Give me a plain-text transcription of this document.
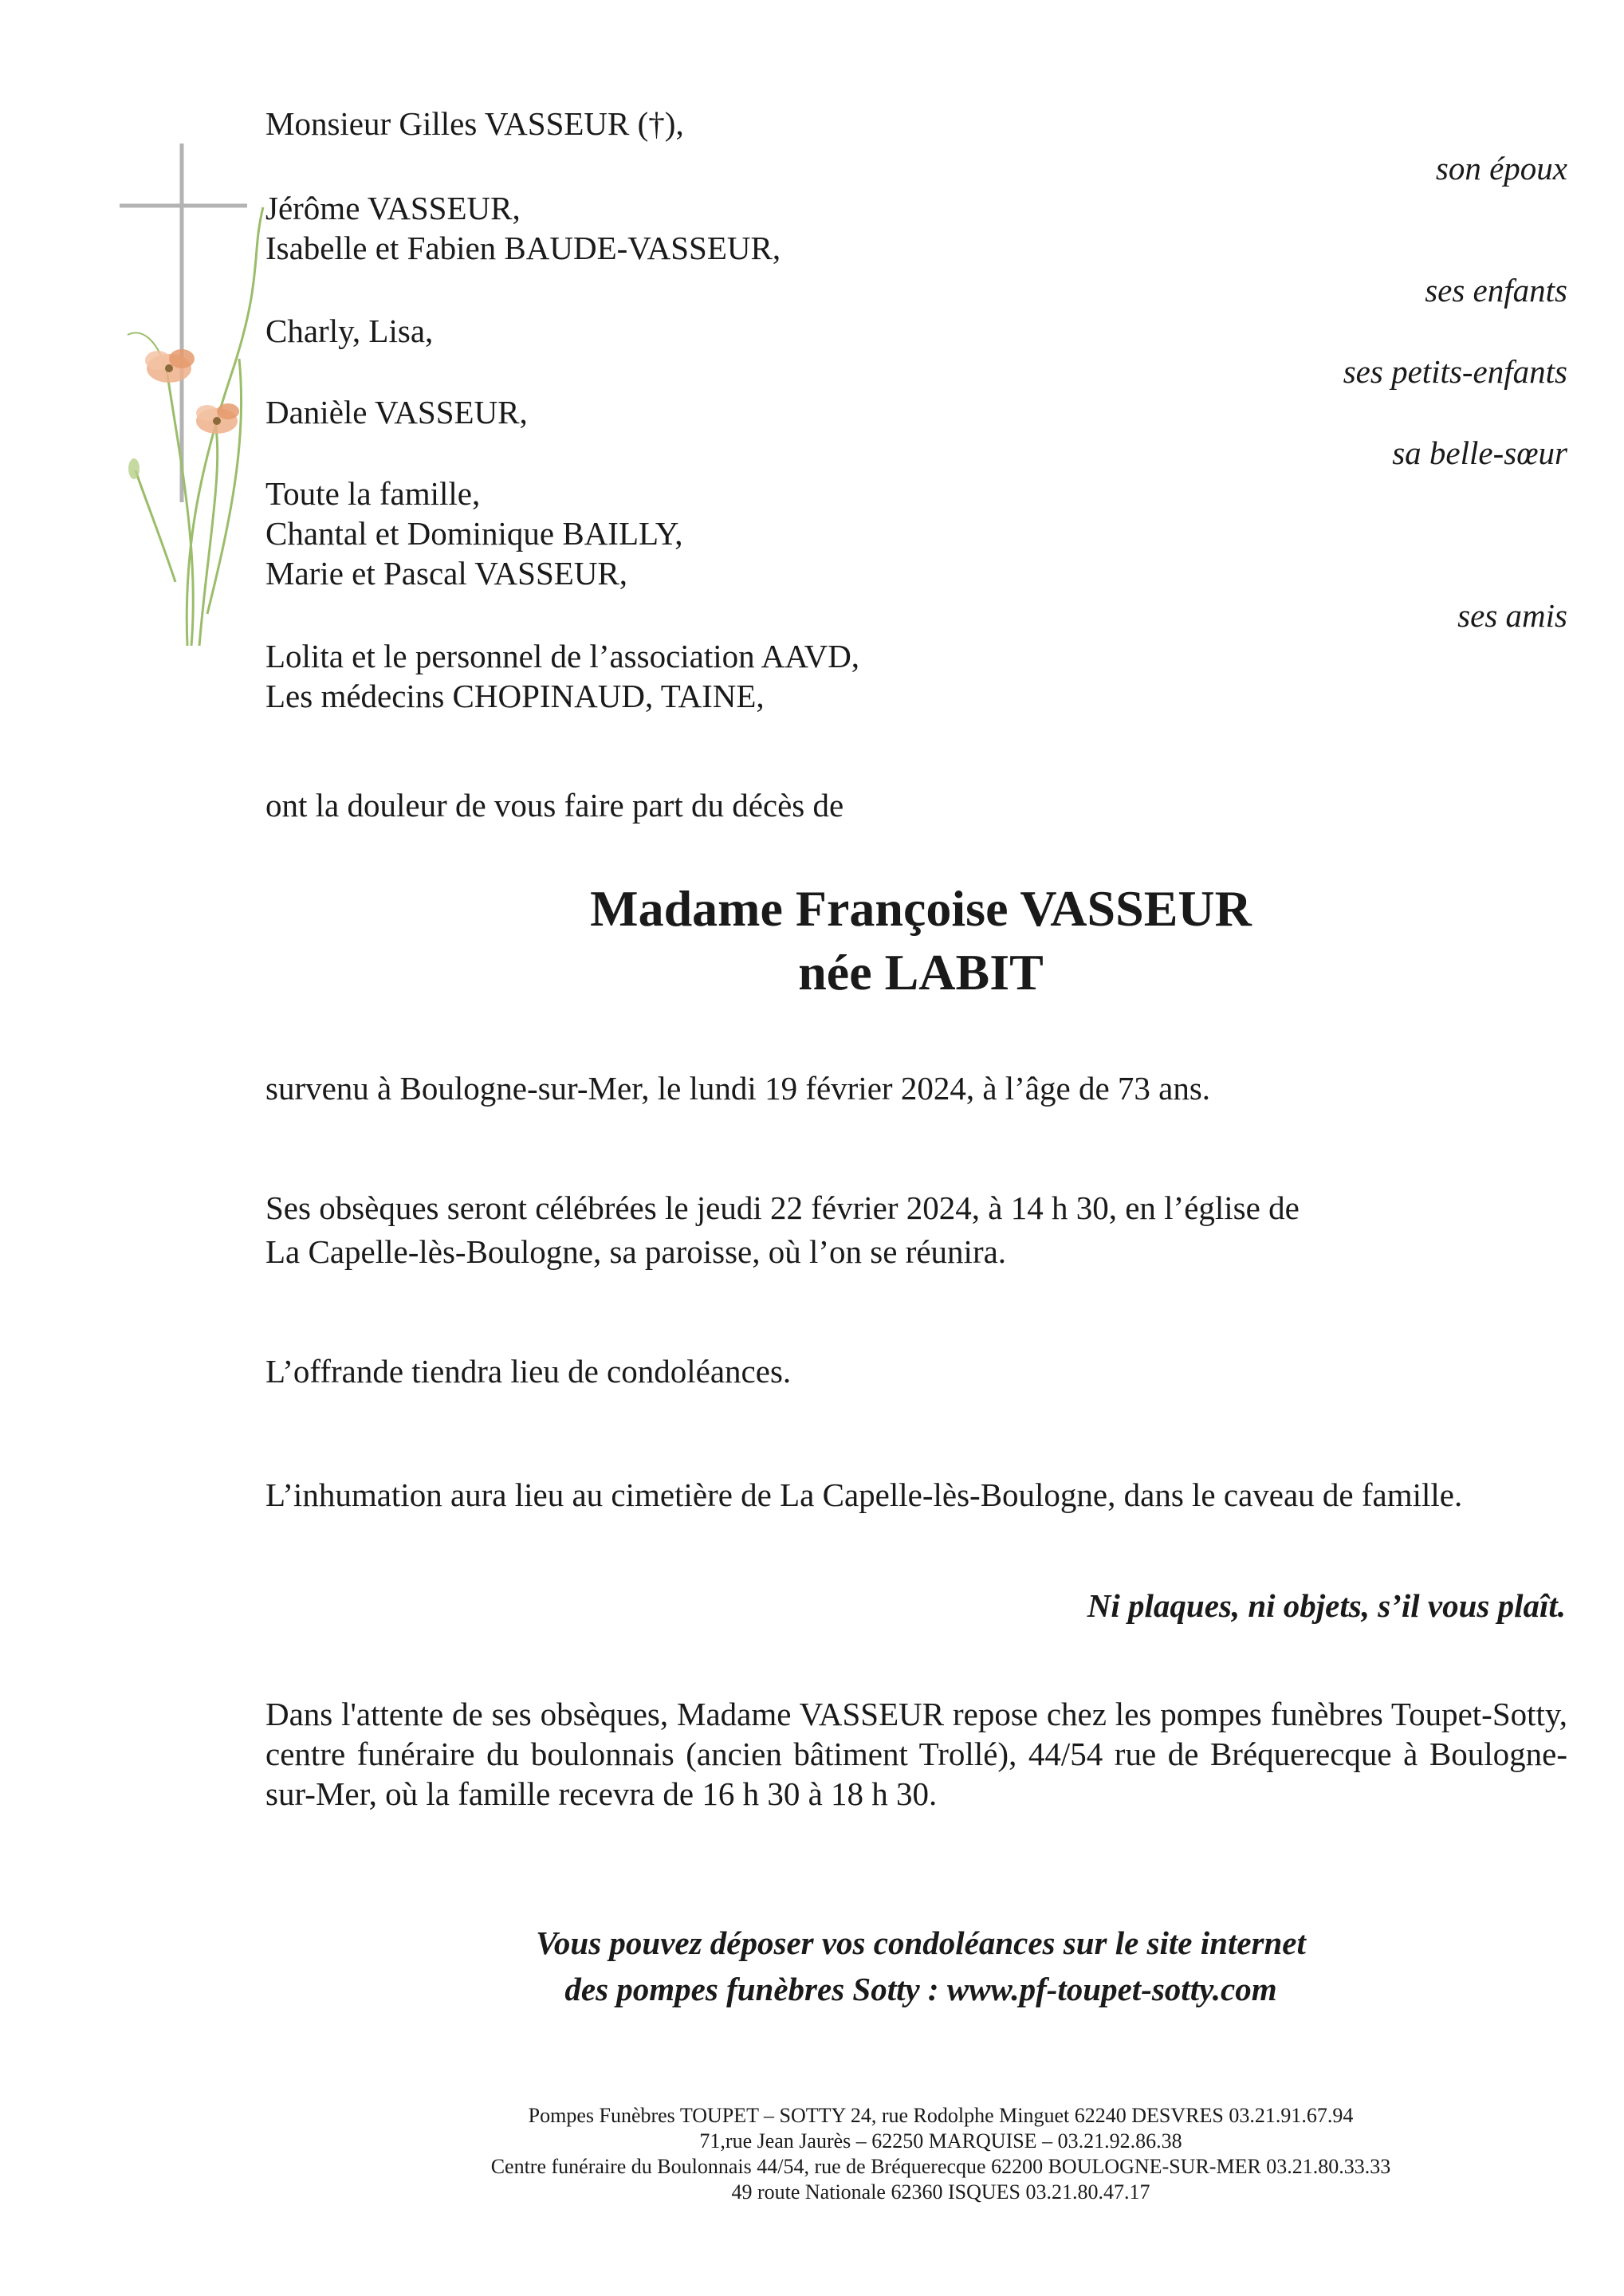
Monsieur Gilles VASSEUR (†),
Jérôme VASSEUR,
Isabelle et Fabien BAUDE-VASSEUR,
Charly, Lisa,
Danièle VASSEUR,
Toute la famille,
Chantal et Dominique BAILLY,
Marie et Pascal VASSEUR,
Lolita et le personnel de l’association AAVD,
Les médecins CHOPINAUD, TAINE,
son époux
ses enfants
ses petits-enfants
sa belle-sœur
ses amis
ont la douleur de vous faire part du décès de
Madame Françoise VASSEUR
née LABIT
survenu à Boulogne-sur-Mer, le lundi 19 février 2024, à l’âge de 73 ans.
Ses obsèques seront célébrées le jeudi 22 février 2024, à 14 h 30, en l’église de
La Capelle-lès-Boulogne, sa paroisse, où l’on se réunira.
L’offrande tiendra lieu de condoléances.
L’inhumation aura lieu au cimetière de La Capelle-lès-Boulogne, dans le caveau de famille.
Ni plaques, ni objets, s’il vous plaît.
Dans l'attente de ses obsèques, Madame VASSEUR repose chez les pompes funèbres Toupet-Sotty, centre funéraire du boulonnais (ancien bâtiment Trollé), 44/54 rue de Bréquerecque à Boulogne-sur-Mer, où la famille recevra de 16 h 30 à 18 h 30.
Vous pouvez déposer vos condoléances sur le site internet
des pompes funèbres Sotty : www.pf-toupet-sotty.com
Pompes Funèbres TOUPET – SOTTY 24, rue Rodolphe Minguet 62240 DESVRES 03.21.91.67.94
71,rue Jean Jaurès – 62250 MARQUISE – 03.21.92.86.38
Centre funéraire du Boulonnais 44/54, rue de Bréquerecque 62200 BOULOGNE-SUR-MER 03.21.80.33.33
49 route Nationale 62360 ISQUES 03.21.80.47.17
